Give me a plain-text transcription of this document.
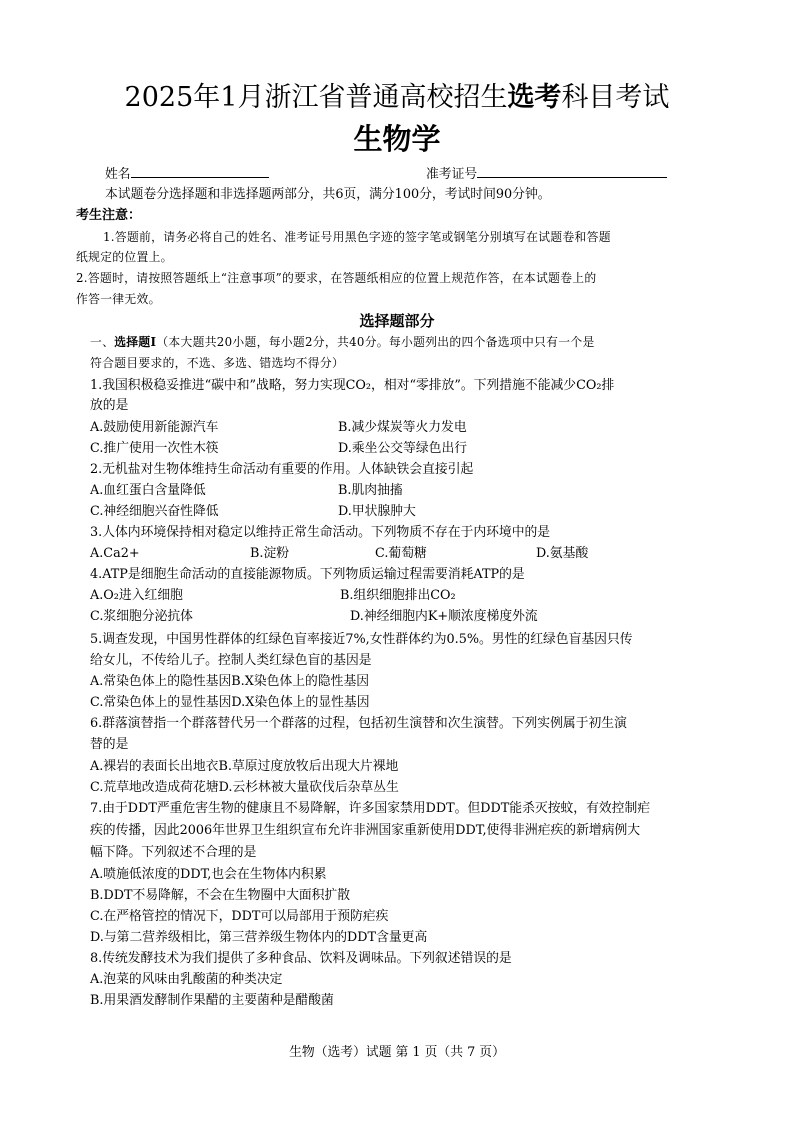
2025年1月浙江省普通高校招生选考科目考试
生物学
姓名	准考证号
本试题卷分选择题和非选择题两部分，共6页，满分100分，考试时间90分钟。
考生注意：
1.答题前，请务必将自己的姓名、准考证号用黑色字迹的签字笔或钢笔分别填写在试题卷和答题
纸规定的位置上。
2.答题时，请按照答题纸上“注意事项”的要求，在答题纸相应的位置上规范作答，在本试题卷上的
作答一律无效。
选择题部分
一、选择题Ⅰ（本大题共20小题，每小题2分，共40分。每小题列出的四个备选项中只有一个是
符合题目要求的，不选、多选、错选均不得分）
1.我国积极稳妥推进“碳中和”战略，努力实现CO₂，相对“零排放”。下列措施不能减少CO₂排
放的是
A.鼓励使用新能源汽车	B.减少煤炭等火力发电
C.推广使用一次性木筷	D.乘坐公交等绿色出行
2.无机盐对生物体维持生命活动有重要的作用。人体缺铁会直接引起
A.血红蛋白含量降低	B.肌肉抽搐
C.神经细胞兴奋性降低	D.甲状腺肿大
3.人体内环境保持相对稳定以维持正常生命活动。下列物质不存在于内环境中的是
A.Ca2+	B.淀粉	C.葡萄糖	D.氨基酸
4.ATP是细胞生命活动的直接能源物质。下列物质运输过程需要消耗ATP的是
A.O₂进入红细胞	B.组织细胞排出CO₂
C.浆细胞分泌抗体	D.神经细胞内K+顺浓度梯度外流
5.调查发现，中国男性群体的红绿色盲率接近7%,女性群体约为0.5%。男性的红绿色盲基因只传
给女儿，不传给儿子。控制人类红绿色盲的基因是
A.常染色体上的隐性基因B.X染色体上的隐性基因
C.常染色体上的显性基因D.X染色体上的显性基因
6.群落演替指一个群落替代另一个群落的过程，包括初生演替和次生演替。下列实例属于初生演
替的是
A.裸岩的表面长出地衣B.草原过度放牧后出现大片裸地
C.荒草地改造成荷花塘D.云杉林被大量砍伐后杂草丛生
7.由于DDT严重危害生物的健康且不易降解，许多国家禁用DDT。但DDT能杀灭按蚊，有效控制疟
疾的传播，因此2006年世界卫生组织宣布允许非洲国家重新使用DDT,使得非洲疟疾的新增病例大
幅下降。下列叙述不合理的是
A.喷施低浓度的DDT,也会在生物体内积累
B.DDT不易降解，不会在生物圈中大面积扩散
C.在严格管控的情况下，DDT可以局部用于预防疟疾
D.与第二营养级相比，第三营养级生物体内的DDT含量更高
8.传统发酵技术为我们提供了多种食品、饮料及调味品。下列叙述错误的是
A.泡菜的风味由乳酸菌的种类决定
B.用果酒发酵制作果醋的主要菌种是醋酸菌
生物（选考）试题 第 1 页（共 7 页）
